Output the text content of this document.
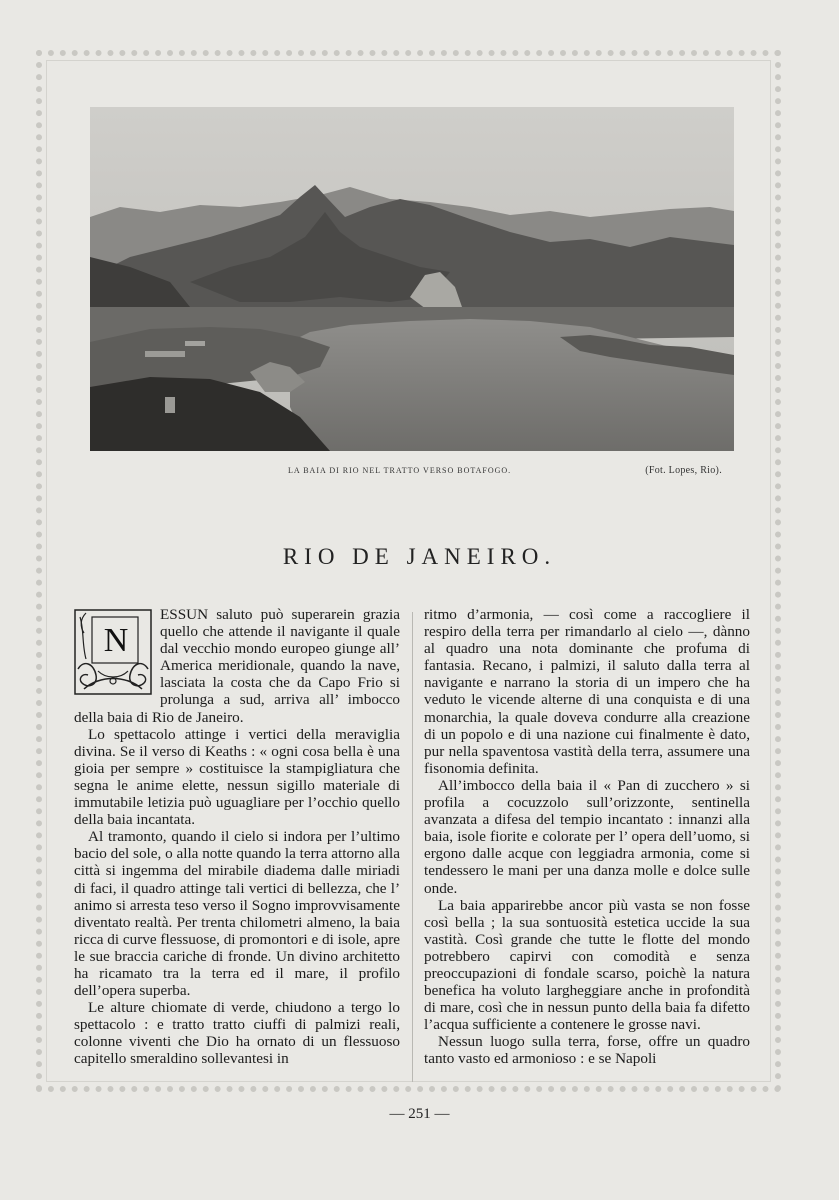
LA BAIA DI RIO NEL TRATTO VERSO BOTAFOGO.	(Fot. Lopes, Rio).
RIO DE JANEIRO.
N

ESSUN saluto può superarein grazia quello che attende il navigante il quale dal vecchio mondo europeo giunge all’ America meridionale, quando la nave, lasciata la costa che da Capo Frio si prolunga a sud, arriva all’ imbocco della baia di Rio de Janeiro.

Lo spettacolo attinge i vertici della meraviglia divina. Se il verso di Keaths : « ogni cosa bella è una gioia per sempre » costituisce la stampigliatura che segna le anime elette, nessun sigillo materiale di immutabile letizia può uguagliare per l’occhio quello della baia incantata.

Al tramonto, quando il cielo si indora per l’ultimo bacio del sole, o alla notte quando la terra attorno alla città si ingemma del mirabile diadema dalle miriadi di faci, il quadro attinge tali vertici di bellezza, che l’ animo si arresta teso verso il Sogno improvvisamente diventato realtà. Per trenta chilometri almeno, la baia ricca di curve flessuose, di promontori e di isole, apre le sue braccia cariche di fronde. Un divino architetto ha ricamato tra la terra ed il mare, il profilo dell’opera superba.

Le alture chiomate di verde, chiudono a tergo lo spettacolo : e tratto tratto ciuffi di palmizi reali, colonne viventi che Dio ha ornato di un flessuoso capitello smeraldino sollevantesi in

ritmo d’armonia, — così come a raccogliere il respiro della terra per rimandarlo al cielo —, dànno al quadro una nota dominante che profuma di fantasia. Recano, i palmizi, il saluto dalla terra al navigante e narrano la storia di un impero che ha veduto le vicende alterne di una conquista e di una monarchia, la quale doveva condurre alla creazione di un popolo e di una nazione cui finalmente è dato, pur nella spaventosa vastità della terra, assumere una fisonomia definita.

All’imbocco della baia il « Pan di zucchero » si profila a cocuzzolo sull’orizzonte, sentinella avanzata a difesa del tempio incantato : innanzi alla baia, isole fiorite e colorate per l’ opera dell’uomo, si ergono dalle acque con leggiadra armonia, come si tendessero le mani per una danza molle e dolce sulle onde.

La baia apparirebbe ancor più vasta se non fosse così bella ; la sua sontuosità estetica uccide la sua vastità. Così grande che tutte le flotte del mondo potrebbero capirvi con comodità e senza preoccupazioni di fondale scarso, poichè la natura benefica ha voluto largheggiare anche in profondità di mare, così che in nessun punto della baia fa difetto l’acqua sufficiente a contenere le grosse navi.

Nessun luogo sulla terra, forse, offre un quadro tanto vasto ed armonioso : e se Napoli

— 251 —
